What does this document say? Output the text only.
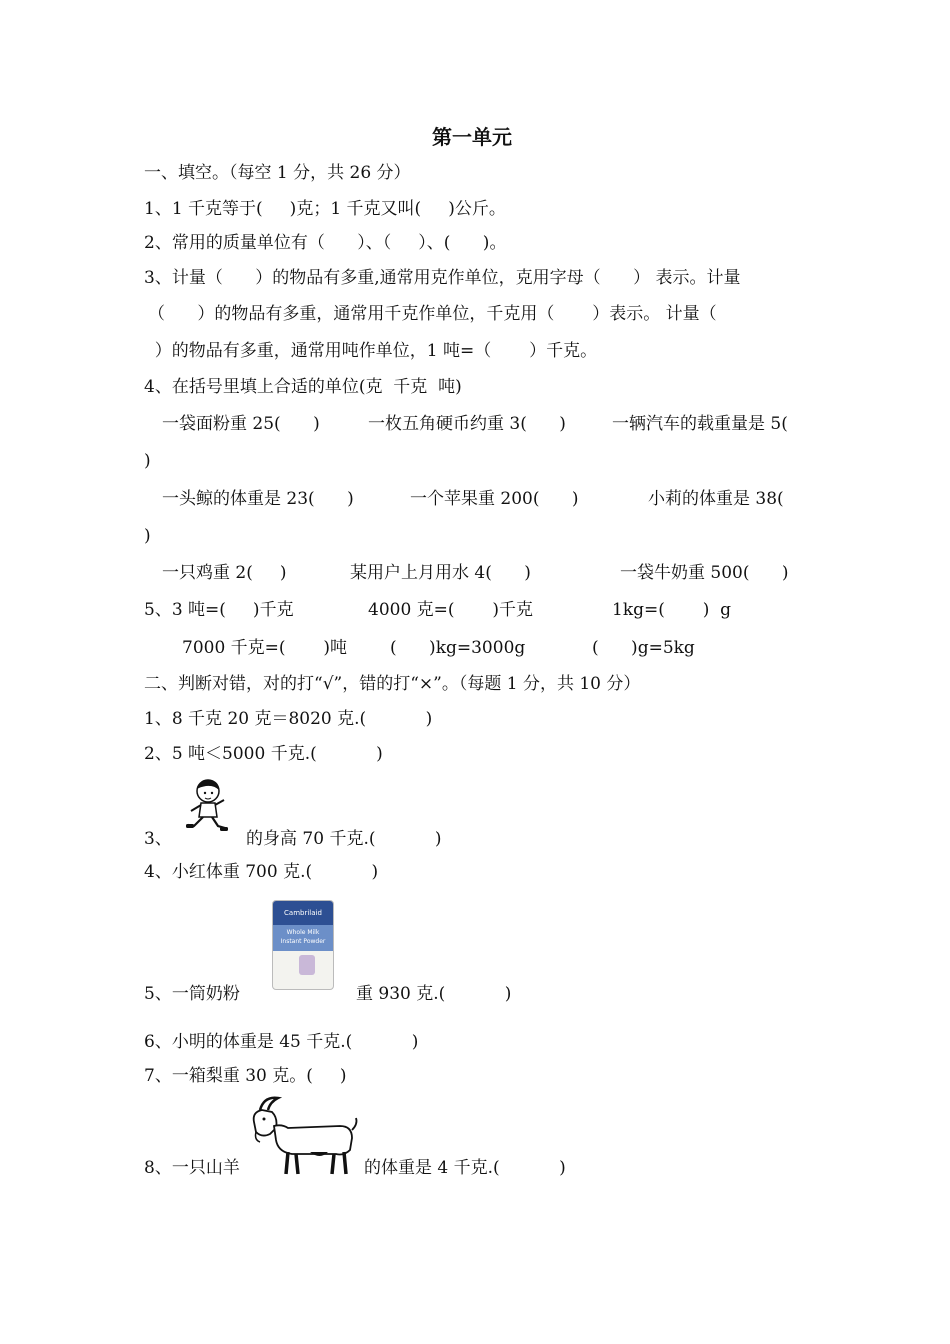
第一单元
一、填空。（每空 1 分，共 26 分）
1、1 千克等于(     )克；1 千克又叫(     )公斤。
2、常用的质量单位有（      ）、（     ）、(      )。
3、计量（      ）的物品有多重,通常用克作单位，克用字母（      ） 表示。计量
（      ）的物品有多重，通常用千克作单位，千克用（       ）表示。 计量（
）的物品有多重，通常用吨作单位，1 吨=（       ）千克。
4、在括号里填上合适的单位(克  千克  吨)
一袋面粉重 25(      )	一枚五角硬币约重 3(      )	一辆汽车的载重量是 5(
)
一头鲸的体重是 23(      )	一个苹果重 200(      )	小莉的体重是 38(
)
一只鸡重 2(     )	某用户上月用水 4(      )	一袋牛奶重 500(      )
5、3 吨=(     )千克	4000 克=(       )千克	1kg=(       )  g
7000 千克=(       )吨	(      )kg=3000g	(      )g=5kg
二、判断对错，对的打“√”，错的打“×”。（每题 1 分，共 10 分）
1、8 千克 20 克＝8020 克.(           )
2、5 吨＜5000 千克.(           )
3、	的身高 70 千克.(           )
4、小红体重 700 克.(           )
Cambrilaid
Whole Milk
Instant Powder
5、一筒奶粉	重 930 克.(           )
6、小明的体重是 45 千克.(           )
7、一箱梨重 30 克。(     )
8、一只山羊	的体重是 4 千克.(           )
